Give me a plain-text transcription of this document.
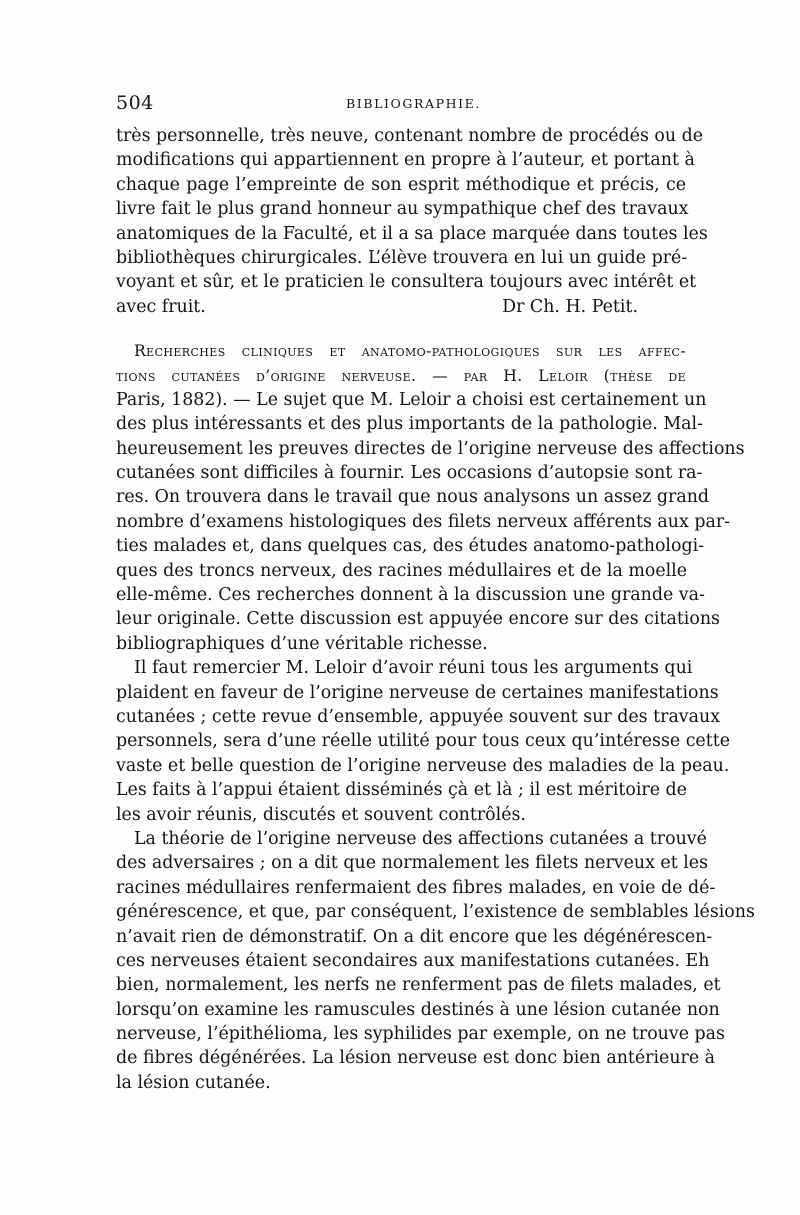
504	BIBLIOGRAPHIE.
très personnelle, très neuve, contenant nombre de procédés ou de
modifications qui appartiennent en propre à l’auteur, et portant à
chaque page l’empreinte de son esprit méthodique et précis, ce
livre fait le plus grand honneur au sympathique chef des travaux
anatomiques de la Faculté, et il a sa place marquée dans toutes les
bibliothèques chirurgicales. L’élève trouvera en lui un guide pré-
voyant et sûr, et le praticien le consultera toujours avec intérêt et
avec fruit.	Dr Ch. H. Petit.
Recherches cliniques et anatomo-pathologiques sur les affec-
tions cutanées d’origine nerveuse. — par H. Leloir (thèse de
Paris, 1882). — Le sujet que M. Leloir a choisi est certainement un
des plus intéressants et des plus importants de la pathologie. Mal-
heureusement les preuves directes de l’origine nerveuse des affections
cutanées sont difficiles à fournir. Les occasions d’autopsie sont ra-
res. On trouvera dans le travail que nous analysons un assez grand
nombre d’examens histologiques des filets nerveux afférents aux par-
ties malades et, dans quelques cas, des études anatomo-pathologi-
ques des troncs nerveux, des racines médullaires et de la moelle
elle-même. Ces recherches donnent à la discussion une grande va-
leur originale. Cette discussion est appuyée encore sur des citations
bibliographiques d’une véritable richesse.
Il faut remercier M. Leloir d’avoir réuni tous les arguments qui
plaident en faveur de l’origine nerveuse de certaines manifestations
cutanées ; cette revue d’ensemble, appuyée souvent sur des travaux
personnels, sera d’une réelle utilité pour tous ceux qu’intéresse cette
vaste et belle question de l’origine nerveuse des maladies de la peau.
Les faits à l’appui étaient disséminés çà et là ; il est méritoire de
les avoir réunis, discutés et souvent contrôlés.
La théorie de l’origine nerveuse des affections cutanées a trouvé
des adversaires ; on a dit que normalement les filets nerveux et les
racines médullaires renfermaient des fibres malades, en voie de dé-
générescence, et que, par conséquent, l’existence de semblables lésions
n’avait rien de démonstratif. On a dit encore que les dégénérescen-
ces nerveuses étaient secondaires aux manifestations cutanées. Eh
bien, normalement, les nerfs ne renferment pas de filets malades, et
lorsqu’on examine les ramuscules destinés à une lésion cutanée non
nerveuse, l’épithélioma, les syphilides par exemple, on ne trouve pas
de fibres dégénérées. La lésion nerveuse est donc bien antérieure à
la lésion cutanée.
